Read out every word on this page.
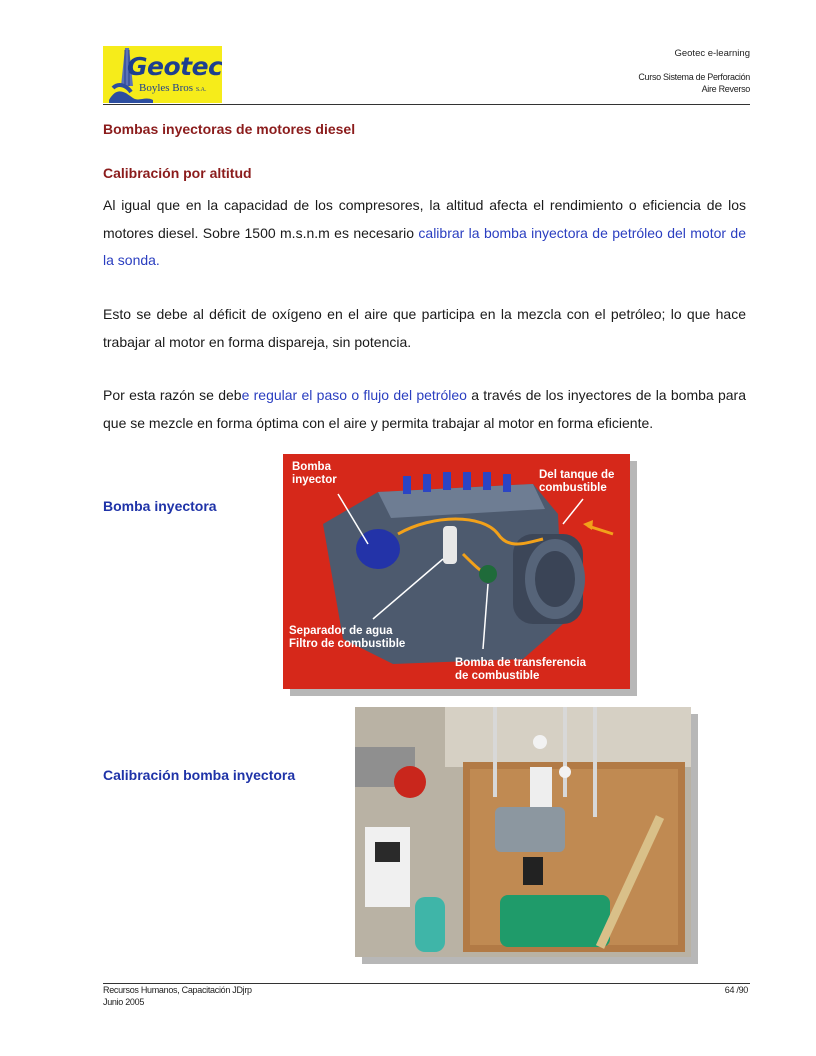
Geotec
Boyles Bros S.A.
Geotec e-learning
Curso Sistema de Perforación
Aire Reverso
Bombas inyectoras de motores diesel
Calibración por altitud

Al igual que en la capacidad de los compresores, la altitud afecta el rendimiento o eficiencia de los motores diesel. Sobre 1500 m.s.n.m es necesario calibrar la bomba inyectora de petróleo del motor de la sonda.

Esto se debe al déficit de oxígeno en el aire que participa en la mezcla con el petróleo; lo que hace trabajar al motor en forma dispareja, sin potencia.

Por esta razón se debe regular el paso o flujo del petróleo a través de los inyectores de la bomba para que se mezcle en forma óptima con el aire y permita trabajar al motor en forma eficiente.

Bomba inyectora
Bomba
inyector	Del tanque de
combustible
Separador de agua
Filtro de combustible
Bomba de transferencia
de combustible
Calibración bomba inyectora
Recursos Humanos, Capacitación JDjrp
Junio 2005
64 /90
